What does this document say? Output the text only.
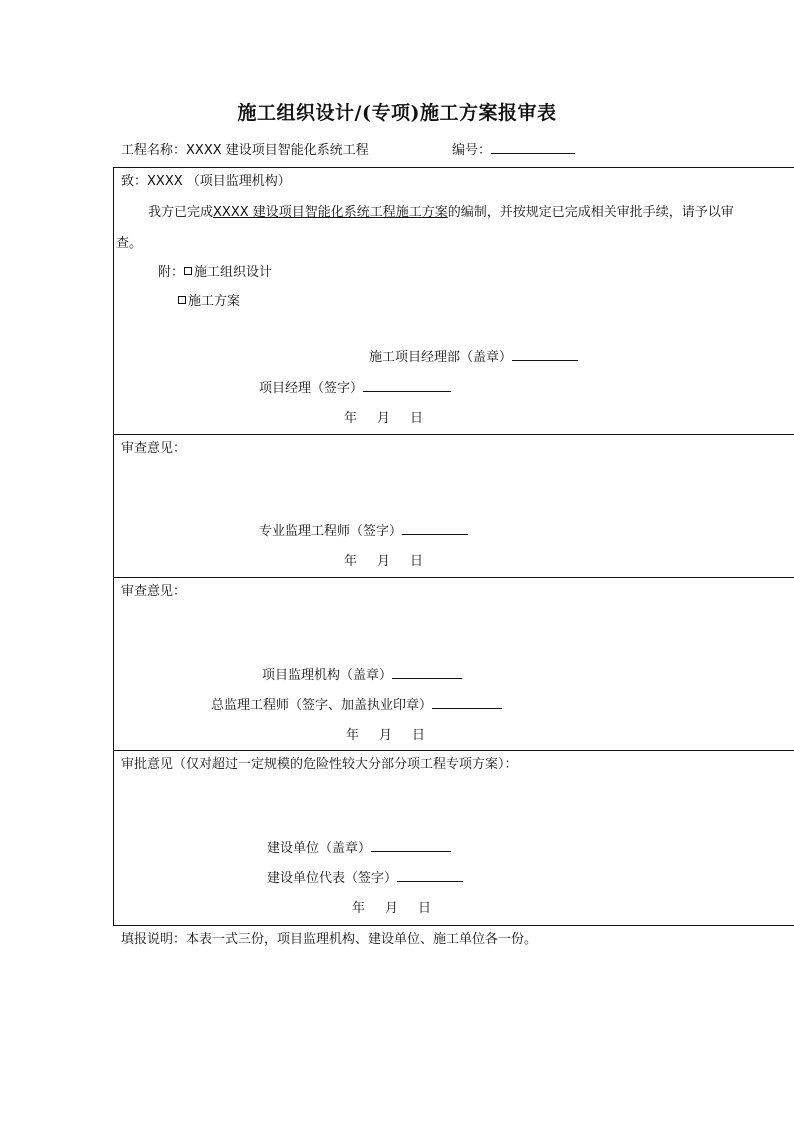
施工组织设计/(专项)施工方案报审表
工程名称：XXXX 建设项目智能化系统工程	编号：
致：XXXX （项目监理机构）
我方已完成XXXX 建设项目智能化系统工程施工方案的编制，并按规定已完成相关审批手续，请予以审
查。
附： 施工组织设计
施工方案
施工项目经理部（盖章）
项目经理（签字）
年 月 日
审查意见：
专业监理工程师（签字）
年 月 日
审查意见：
项目监理机构（盖章）
总监理工程师（签字、加盖执业印章）
年 月 日
审批意见（仅对超过一定规模的危险性较大分部分项工程专项方案）：
建设单位（盖章）
建设单位代表（签字）
年 月 日
填报说明：本表一式三份，项目监理机构、建设单位、施工单位各一份。
